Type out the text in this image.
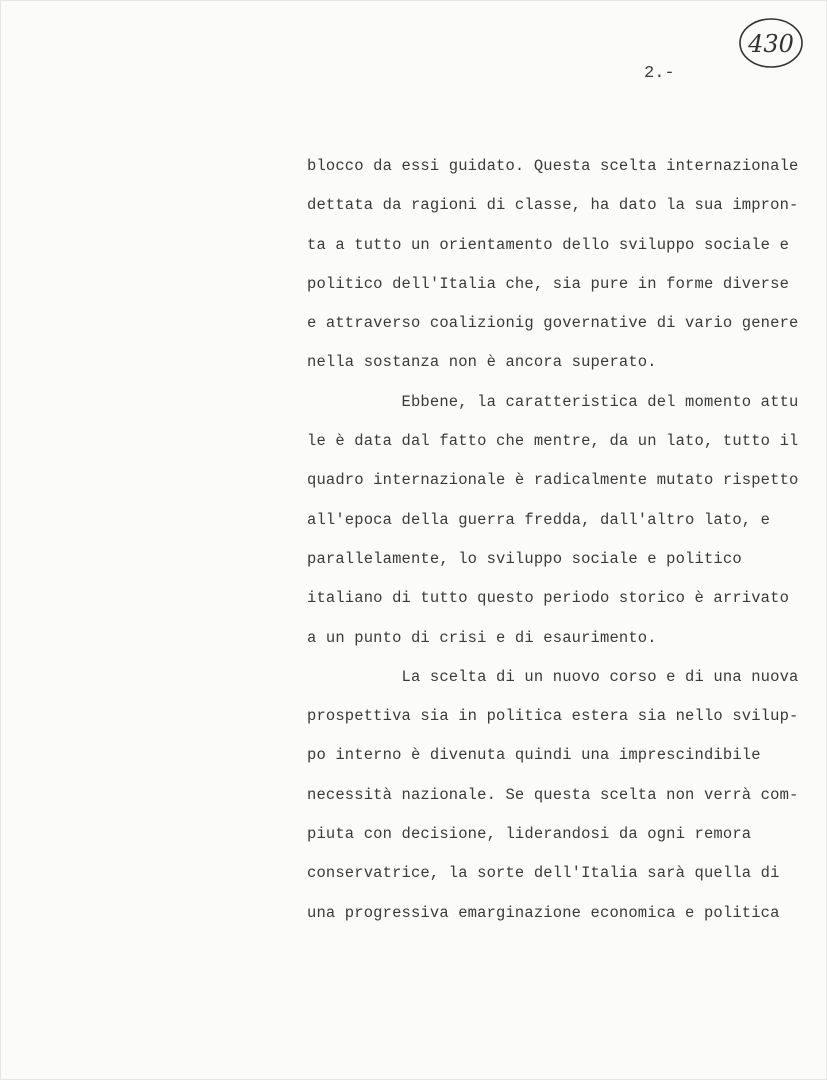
430
2.-
blocco da essi guidato. Questa scelta internazionale
dettata da ragioni di classe, ha dato la sua impron-
ta a tutto un orientamento dello sviluppo sociale e
politico dell'Italia che, sia pure in forme diverse
e attraverso coalizionig governative di vario genere
nella sostanza non è ancora superato.
Ebbene, la caratteristica del momento attu
le è data dal fatto che mentre, da un lato, tutto il
quadro internazionale è radicalmente mutato rispetto
all'epoca della guerra fredda, dall'altro lato, e
parallelamente, lo sviluppo sociale e politico
italiano di tutto questo periodo storico è arrivato
a un punto di crisi e di esaurimento.
La scelta di un nuovo corso e di una nuova
prospettiva sia in politica estera sia nello svilup-
po interno è divenuta quindi una imprescindibile
necessità nazionale. Se questa scelta non verrà com-
piuta con decisione, liderandosi da ogni remora
conservatrice, la sorte dell'Italia sarà quella di
una progressiva emarginazione economica e politica
